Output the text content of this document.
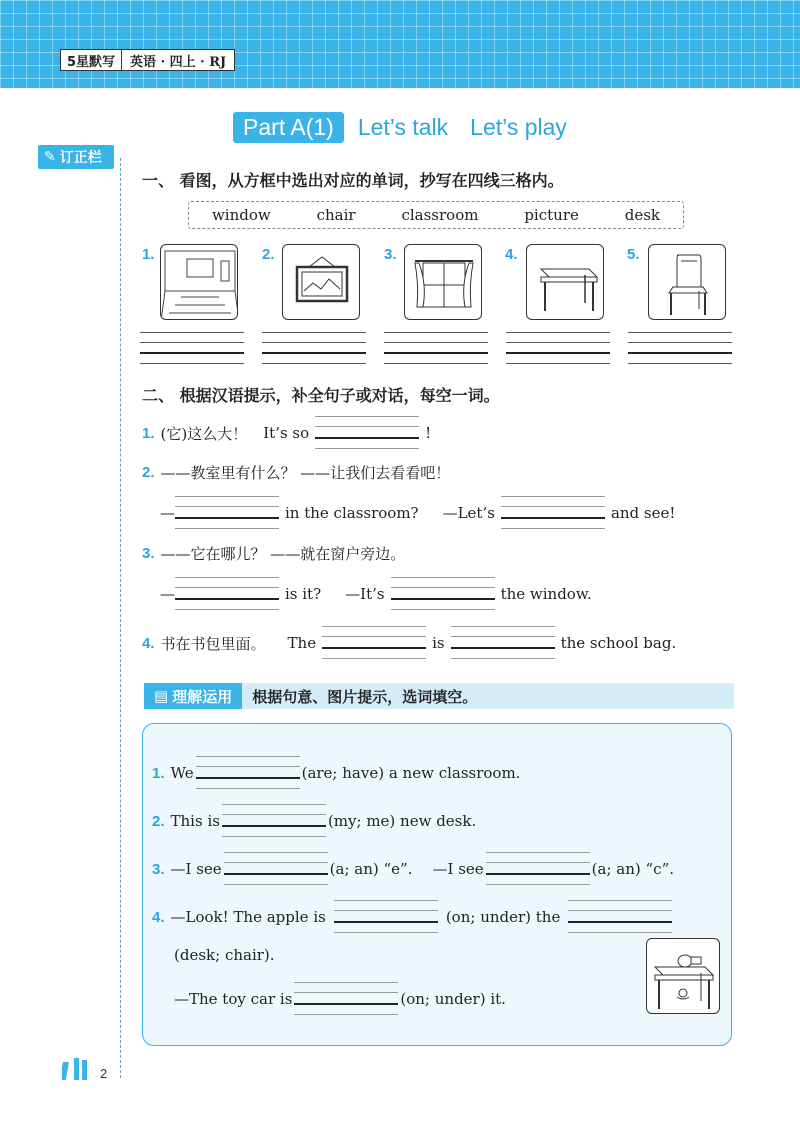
5星默写	英语 · 四上 · RJ
Part A(1) Let’s talk Let’s play
✎ 订正栏
一、 看图，从方框中选出对应的单词，抄写在四线三格内。
window	chair	classroom	picture	desk
1.	2.	3.	4.	5.
二、 根据汉语提示，补全句子或对话，每空一词。
1. (它)这么大！ It’s so	!
2. ——教室里有什么？ ——让我们去看看吧！
—	in the classroom? —Let’s	and see!
3. ——它在哪儿？ ——就在窗户旁边。
—	is it? —It’s	the window.
4. 书在书包里面。 The	is	the school bag.
▤ 理解运用 根据句意、图片提示，选词填空。
1. We	(are; have) a new classroom.
2. This is	(my; me) new desk.
3. —I see	(a; an) “e”. —I see	(a; an) “c”.
4. —Look! The apple is	(on; under) the
(desk; chair).
—The toy car is	(on; under) it.
2
